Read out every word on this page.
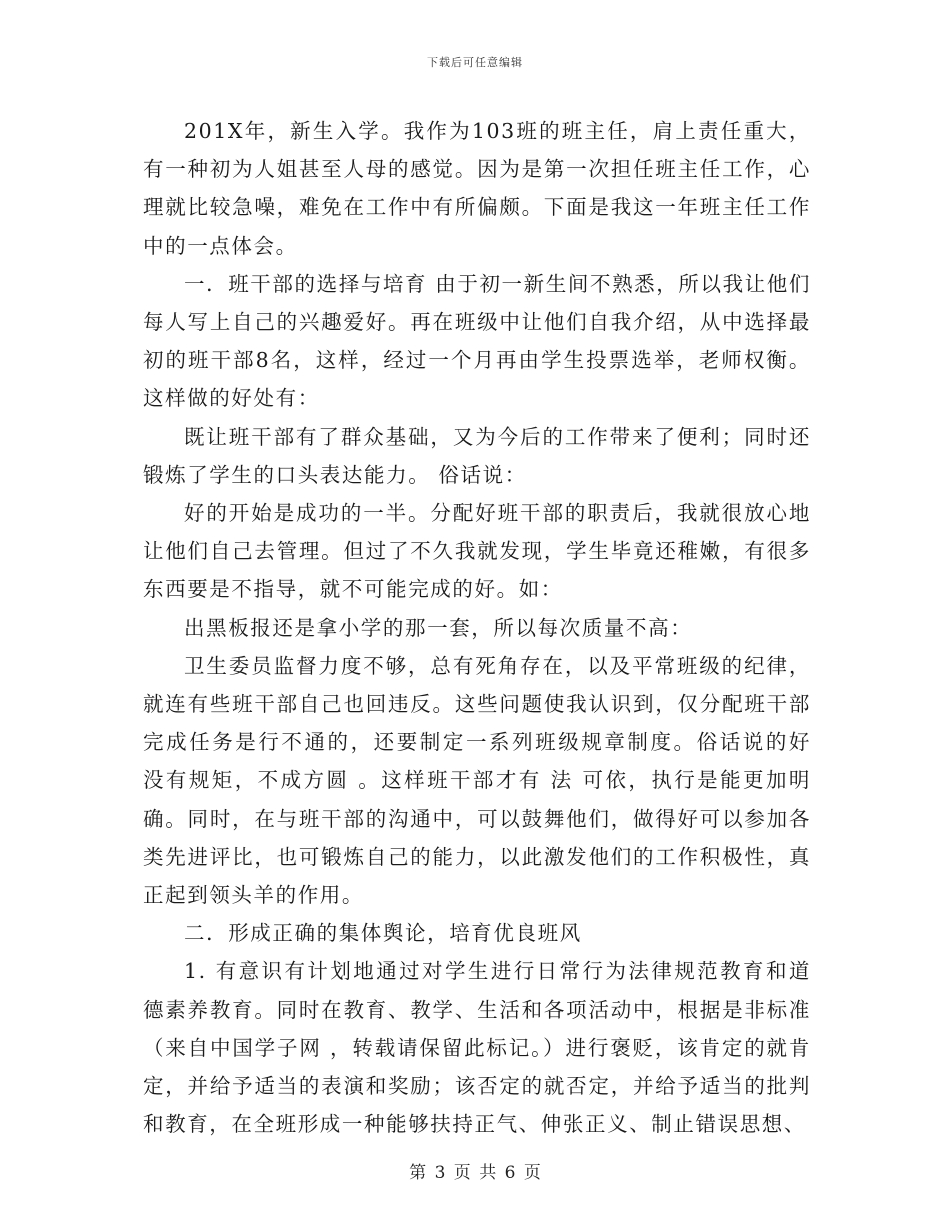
下载后可任意编辑

201X年，新生入学。我作为103班的班主任，肩上责任重大，有一种初为人姐甚至人母的感觉。因为是第一次担任班主任工作，心理就比较急噪，难免在工作中有所偏颇。下面是我这一年班主任工作中的一点体会。

一．班干部的选择与培育 由于初一新生间不熟悉，所以我让他们每人写上自己的兴趣爱好。再在班级中让他们自我介绍，从中选择最初的班干部8名，这样，经过一个月再由学生投票选举，老师权衡。这样做的好处有：

既让班干部有了群众基础，又为今后的工作带来了便利；同时还锻炼了学生的口头表达能力。 俗话说：

好的开始是成功的一半。分配好班干部的职责后，我就很放心地让他们自己去管理。但过了不久我就发现，学生毕竟还稚嫩，有很多东西要是不指导，就不可能完成的好。如：

出黑板报还是拿小学的那一套，所以每次质量不高：

卫生委员监督力度不够，总有死角存在，以及平常班级的纪律，就连有些班干部自己也回违反。这些问题使我认识到，仅分配班干部完成任务是行不通的，还要制定一系列班级规章制度。俗话说的好 没有规矩，不成方圆 。这样班干部才有 法 可依，执行是能更加明确。同时，在与班干部的沟通中，可以鼓舞他们，做得好可以参加各类先进评比，也可锻炼自己的能力，以此激发他们的工作积极性，真正起到领头羊的作用。

二．形成正确的集体舆论，培育优良班风

1. 有意识有计划地通过对学生进行日常行为法律规范教育和道德素养教育。同时在教育、教学、生活和各项活动中，根据是非标准（来自中国学子网 ，转载请保留此标记。）进行褒贬，该肯定的就肯定，并给予适当的表演和奖励；该否定的就否定，并给予适当的批判和教育，在全班形成一种能够扶持正气、伸张正义、制止错误思想、

第 3 页 共 6 页
